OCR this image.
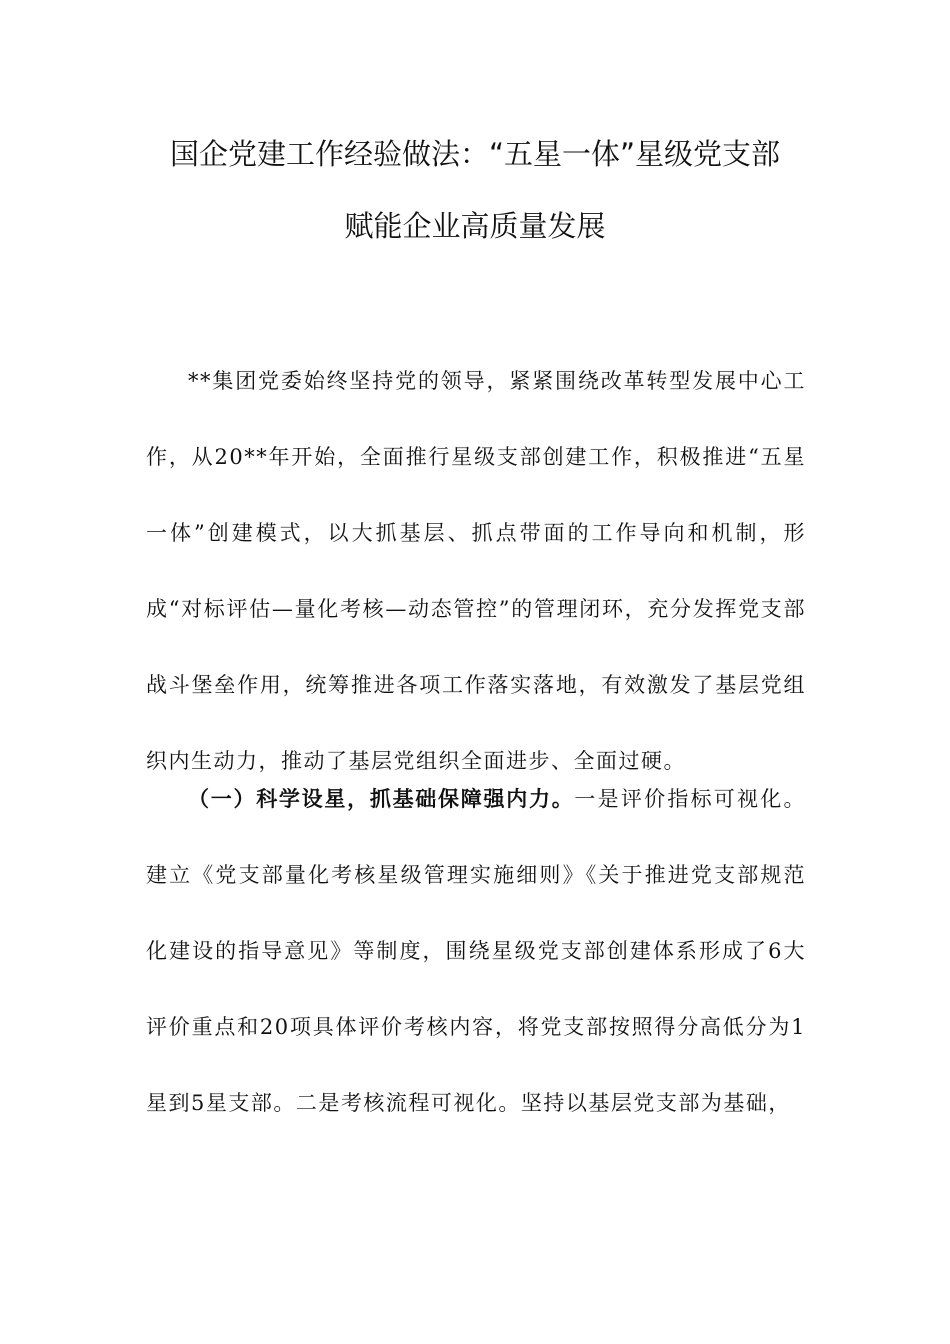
国企党建工作经验做法：“五星一体”星级党支部
赋能企业高质量发展

**集团党委始终坚持党的领导，紧紧围绕改革转型发展中心工作，从20**年开始，全面推行星级支部创建工作，积极推进“五星一体”创建模式，以大抓基层、抓点带面的工作导向和机制，形成“对标评估—量化考核—动态管控”的管理闭环，充分发挥党支部战斗堡垒作用，统筹推进各项工作落实落地，有效激发了基层党组织内生动力，推动了基层党组织全面进步、全面过硬。

（一）科学设星，抓基础保障强内力。一是评价指标可视化。建立《党支部量化考核星级管理实施细则》《关于推进党支部规范化建设的指导意见》等制度，围绕星级党支部创建体系形成了6大评价重点和20项具体评价考核内容，将党支部按照得分高低分为1星到5星支部。二是考核流程可视化。坚持以基层党支部为基础，
